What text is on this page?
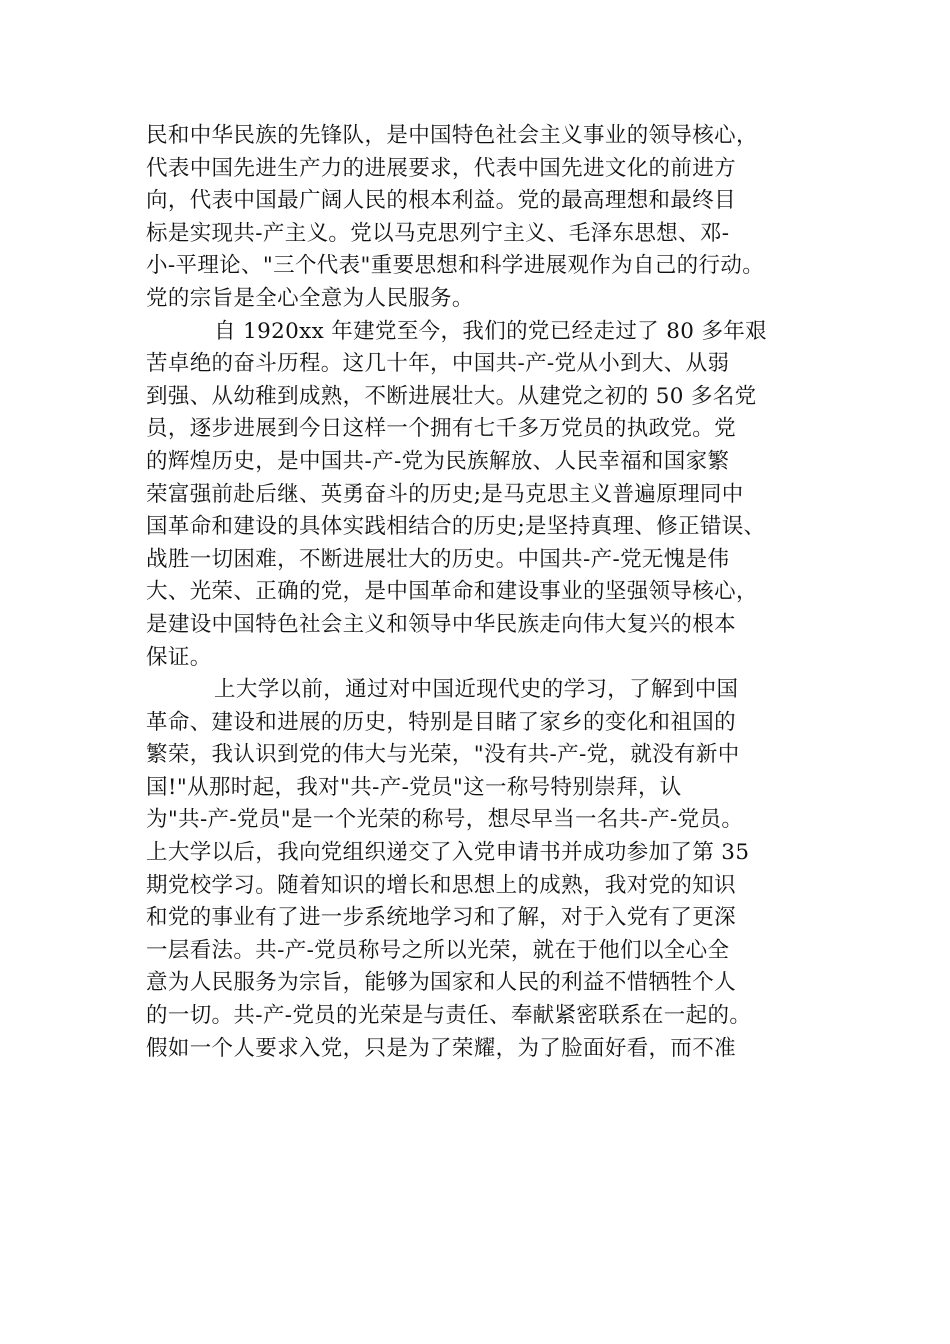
民和中华民族的先锋队，是中国特色社会主义事业的领导核心，
代表中国先进生产力的进展要求，代表中国先进文化的前进方
向，代表中国最广阔人民的根本利益。党的最高理想和最终目
标是实现共-产主义。党以马克思列宁主义、毛泽东思想、邓-
小-平理论、"三个代表"重要思想和科学进展观作为自己的行动。
党的宗旨是全心全意为人民服务。
自 1920xx 年建党至今，我们的党已经走过了 80 多年艰
苦卓绝的奋斗历程。这几十年，中国共-产-党从小到大、从弱
到强、从幼稚到成熟，不断进展壮大。从建党之初的 50 多名党
员，逐步进展到今日这样一个拥有七千多万党员的执政党。党
的辉煌历史，是中国共-产-党为民族解放、人民幸福和国家繁
荣富强前赴后继、英勇奋斗的历史;是马克思主义普遍原理同中
国革命和建设的具体实践相结合的历史;是坚持真理、修正错误、
战胜一切困难，不断进展壮大的历史。中国共-产-党无愧是伟
大、光荣、正确的党，是中国革命和建设事业的坚强领导核心，
是建设中国特色社会主义和领导中华民族走向伟大复兴的根本
保证。
上大学以前，通过对中国近现代史的学习，了解到中国
革命、建设和进展的历史，特别是目睹了家乡的变化和祖国的
繁荣，我认识到党的伟大与光荣，"没有共-产-党，就没有新中
国!"从那时起，我对"共-产-党员"这一称号特别崇拜，认
为"共-产-党员"是一个光荣的称号，想尽早当一名共-产-党员。
上大学以后，我向党组织递交了入党申请书并成功参加了第 35
期党校学习。随着知识的增长和思想上的成熟，我对党的知识
和党的事业有了进一步系统地学习和了解，对于入党有了更深
一层看法。共-产-党员称号之所以光荣，就在于他们以全心全
意为人民服务为宗旨，能够为国家和人民的利益不惜牺牲个人
的一切。共-产-党员的光荣是与责任、奉献紧密联系在一起的。
假如一个人要求入党，只是为了荣耀，为了脸面好看，而不准
